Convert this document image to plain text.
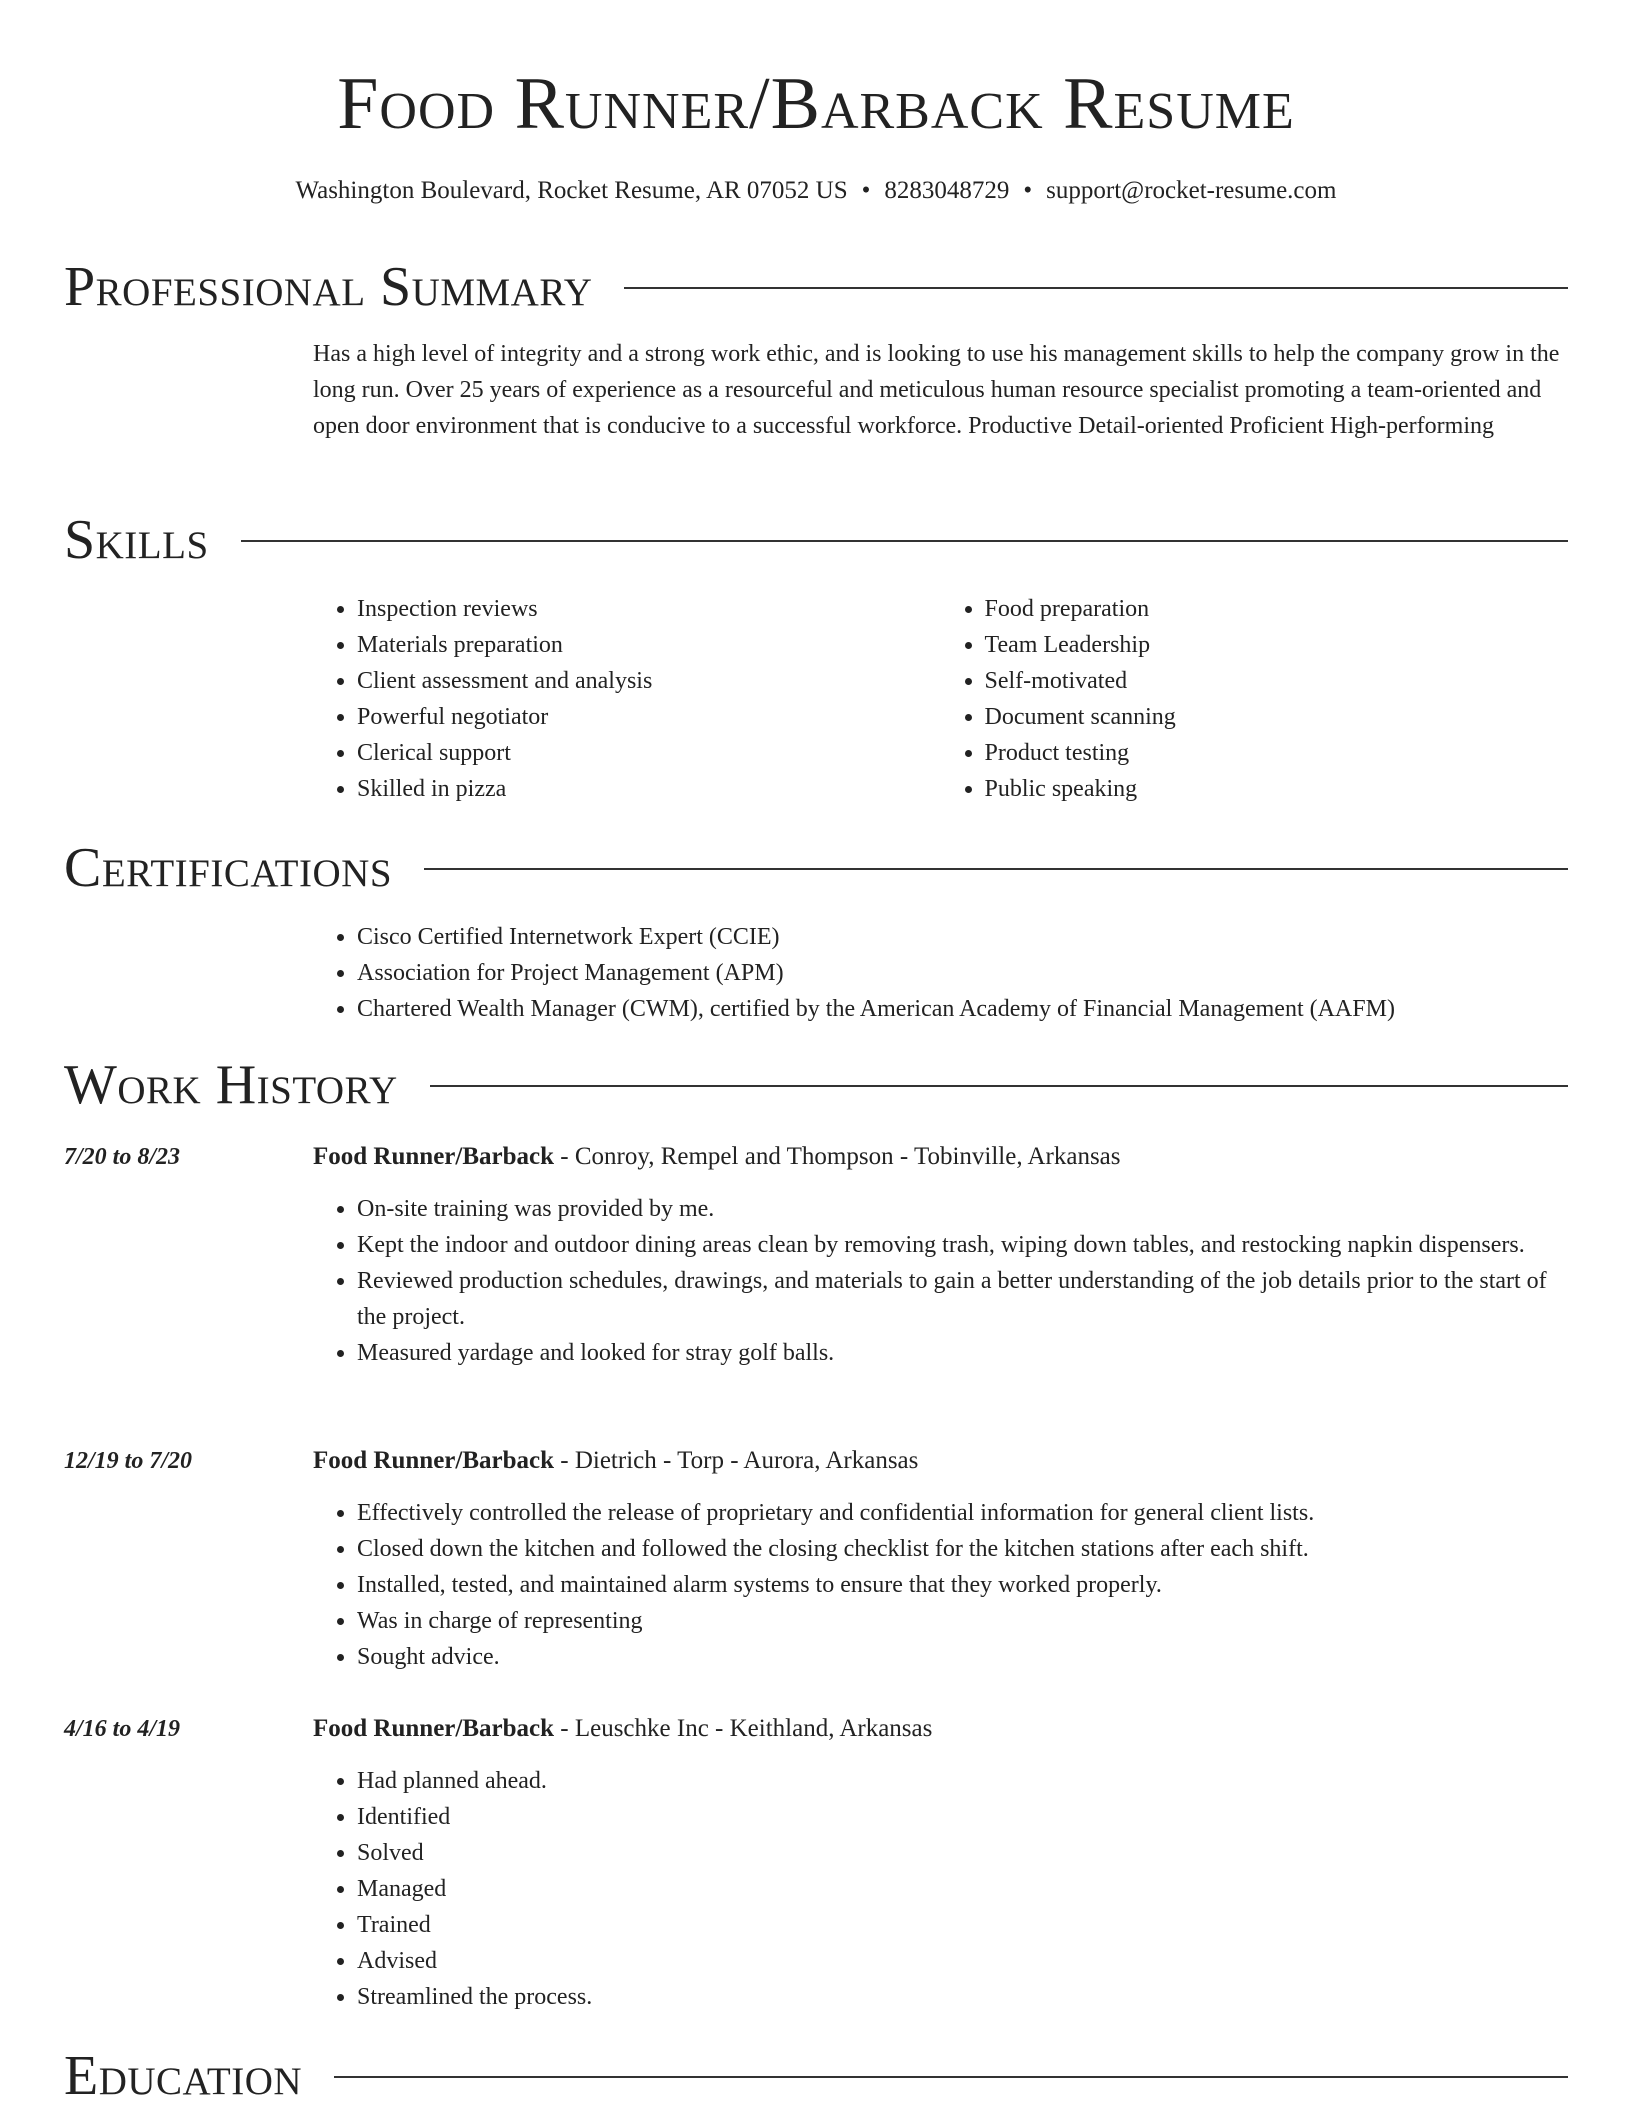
Food Runner/Barback Resume
Washington Boulevard, Rocket Resume, AR 07052 US • 8283048729 • support@rocket-resume.com
Professional Summary

Has a high level of integrity and a strong work ethic, and is looking to use his management skills to help the company grow in the long run. Over 25 years of experience as a resourceful and meticulous human resource specialist promoting a team-oriented and open door environment that is conducive to a successful workforce. Productive Detail-oriented Proficient High-performing

Skills
• Inspection reviews
• Materials preparation
• Client assessment and analysis
• Powerful negotiator
• Clerical support
• Skilled in pizza
• Food preparation
• Team Leadership
• Self-motivated
• Document scanning
• Product testing
• Public speaking
Certifications
• Cisco Certified Internetwork Expert (CCIE)
• Association for Project Management (APM)
• Chartered Wealth Manager (CWM), certified by the American Academy of Financial Management (AAFM)
Work History
7/20 to 8/23	Food Runner/Barback - Conroy, Rempel and Thompson - Tobinville, Arkansas
• On-site training was provided by me.
• Kept the indoor and outdoor dining areas clean by removing trash, wiping down tables, and restocking napkin dispensers.
• Reviewed production schedules, drawings, and materials to gain a better understanding of the job details prior to the start of the project.
• Measured yardage and looked for stray golf balls.
12/19 to 7/20	Food Runner/Barback - Dietrich - Torp - Aurora, Arkansas
• Effectively controlled the release of proprietary and confidential information for general client lists.
• Closed down the kitchen and followed the closing checklist for the kitchen stations after each shift.
• Installed, tested, and maintained alarm systems to ensure that they worked properly.
• Was in charge of representing
• Sought advice.
4/16 to 4/19	Food Runner/Barback - Leuschke Inc - Keithland, Arkansas
• Had planned ahead.
• Identified
• Solved
• Managed
• Trained
• Advised
• Streamlined the process.
Education
